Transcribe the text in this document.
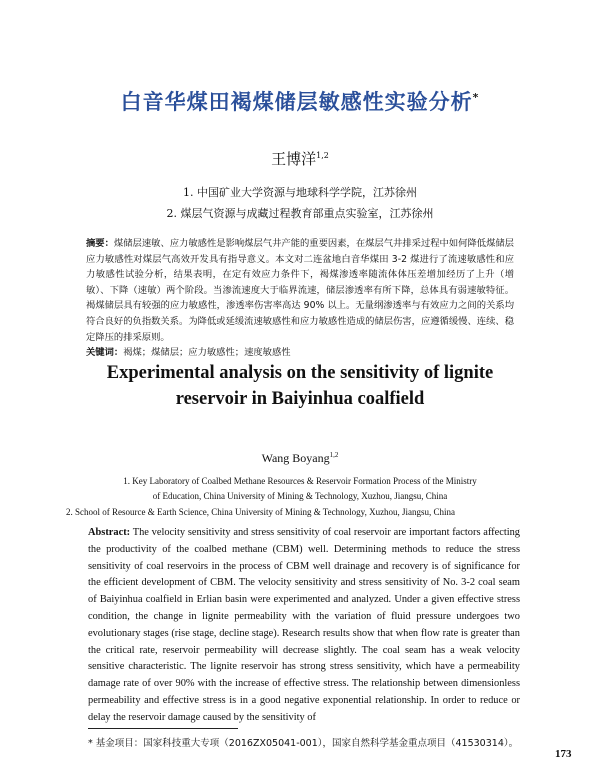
白音华煤田褐煤储层敏感性实验分析*
王博洋$^{1,2}$
1. 中国矿业大学资源与地球科学学院，江苏徐州
2. 煤层气资源与成藏过程教育部重点实验室，江苏徐州
摘要：煤储层速敏、应力敏感性是影响煤层气井产能的重要因素，在煤层气井排采过程中如何降低煤储层应力敏感性对煤层气高效开发具有指导意义。本文对二连盆地白音华煤田 3-2 煤进行了流速敏感性和应力敏感性试验分析，结果表明，在定有效应力条件下，褐煤渗透率随流体体压差增加经历了上升（增敏）、下降（速敏）两个阶段。当渗流速度大于临界流速，储层渗透率有所下降，总体具有弱速敏特征。褐煤储层具有较强的应力敏感性，渗透率伤害率高达 90% 以上。无量纲渗透率与有效应力之间的关系均符合良好的负指数关系。为降低或延缓流速敏感性和应力敏感性造成的储层伤害，应遵循缓慢、连续、稳定降压的排采原则。
关键词：褐煤；煤储层；应力敏感性；速度敏感性
Experimental analysis on the sensitivity of lignite
reservoir in Baiyinhua coalfield
Wang Boyang$^{1,2}$
1. Key Laboratory of Coalbed Methane Resources & Reservoir Formation Process of the Ministry
of Education, China University of Mining & Technology, Xuzhou, Jiangsu, China
2. School of Resource & Earth Science, China University of Mining & Technology, Xuzhou, Jiangsu, China
Abstract: The velocity sensitivity and stress sensitivity of coal reservoir are important factors affecting the productivity of the coalbed methane (CBM) well. Determining methods to reduce the stress sensitivity of coal reservoirs in the process of CBM well drainage and recovery is of significance for the efficient development of CBM. The velocity sensitivity and stress sensitivity of No. 3-2 coal seam of Baiyinhua coalfield in Erlian basin were experimented and analyzed. Under a given effective stress condition, the change in lignite permeability with the variation of fluid pressure undergoes two evolutionary stages (rise stage, decline stage). Research results show that when flow rate is greater than the critical rate, reservoir permeability will decrease slightly. The coal seam has a weak velocity sensitive characteristic. The lignite reservoir has strong stress sensitivity, which have a permeability damage rate of over 90% with the increase of effective stress. The relationship between dimensionless permeability and effective stress is in a good negative exponential relationship. In order to reduce or delay the reservoir damage caused by the sensitivity of
* 基金项目：国家科技重大专项（2016ZX05041-001），国家自然科学基金重点项目（41530314）。
173
